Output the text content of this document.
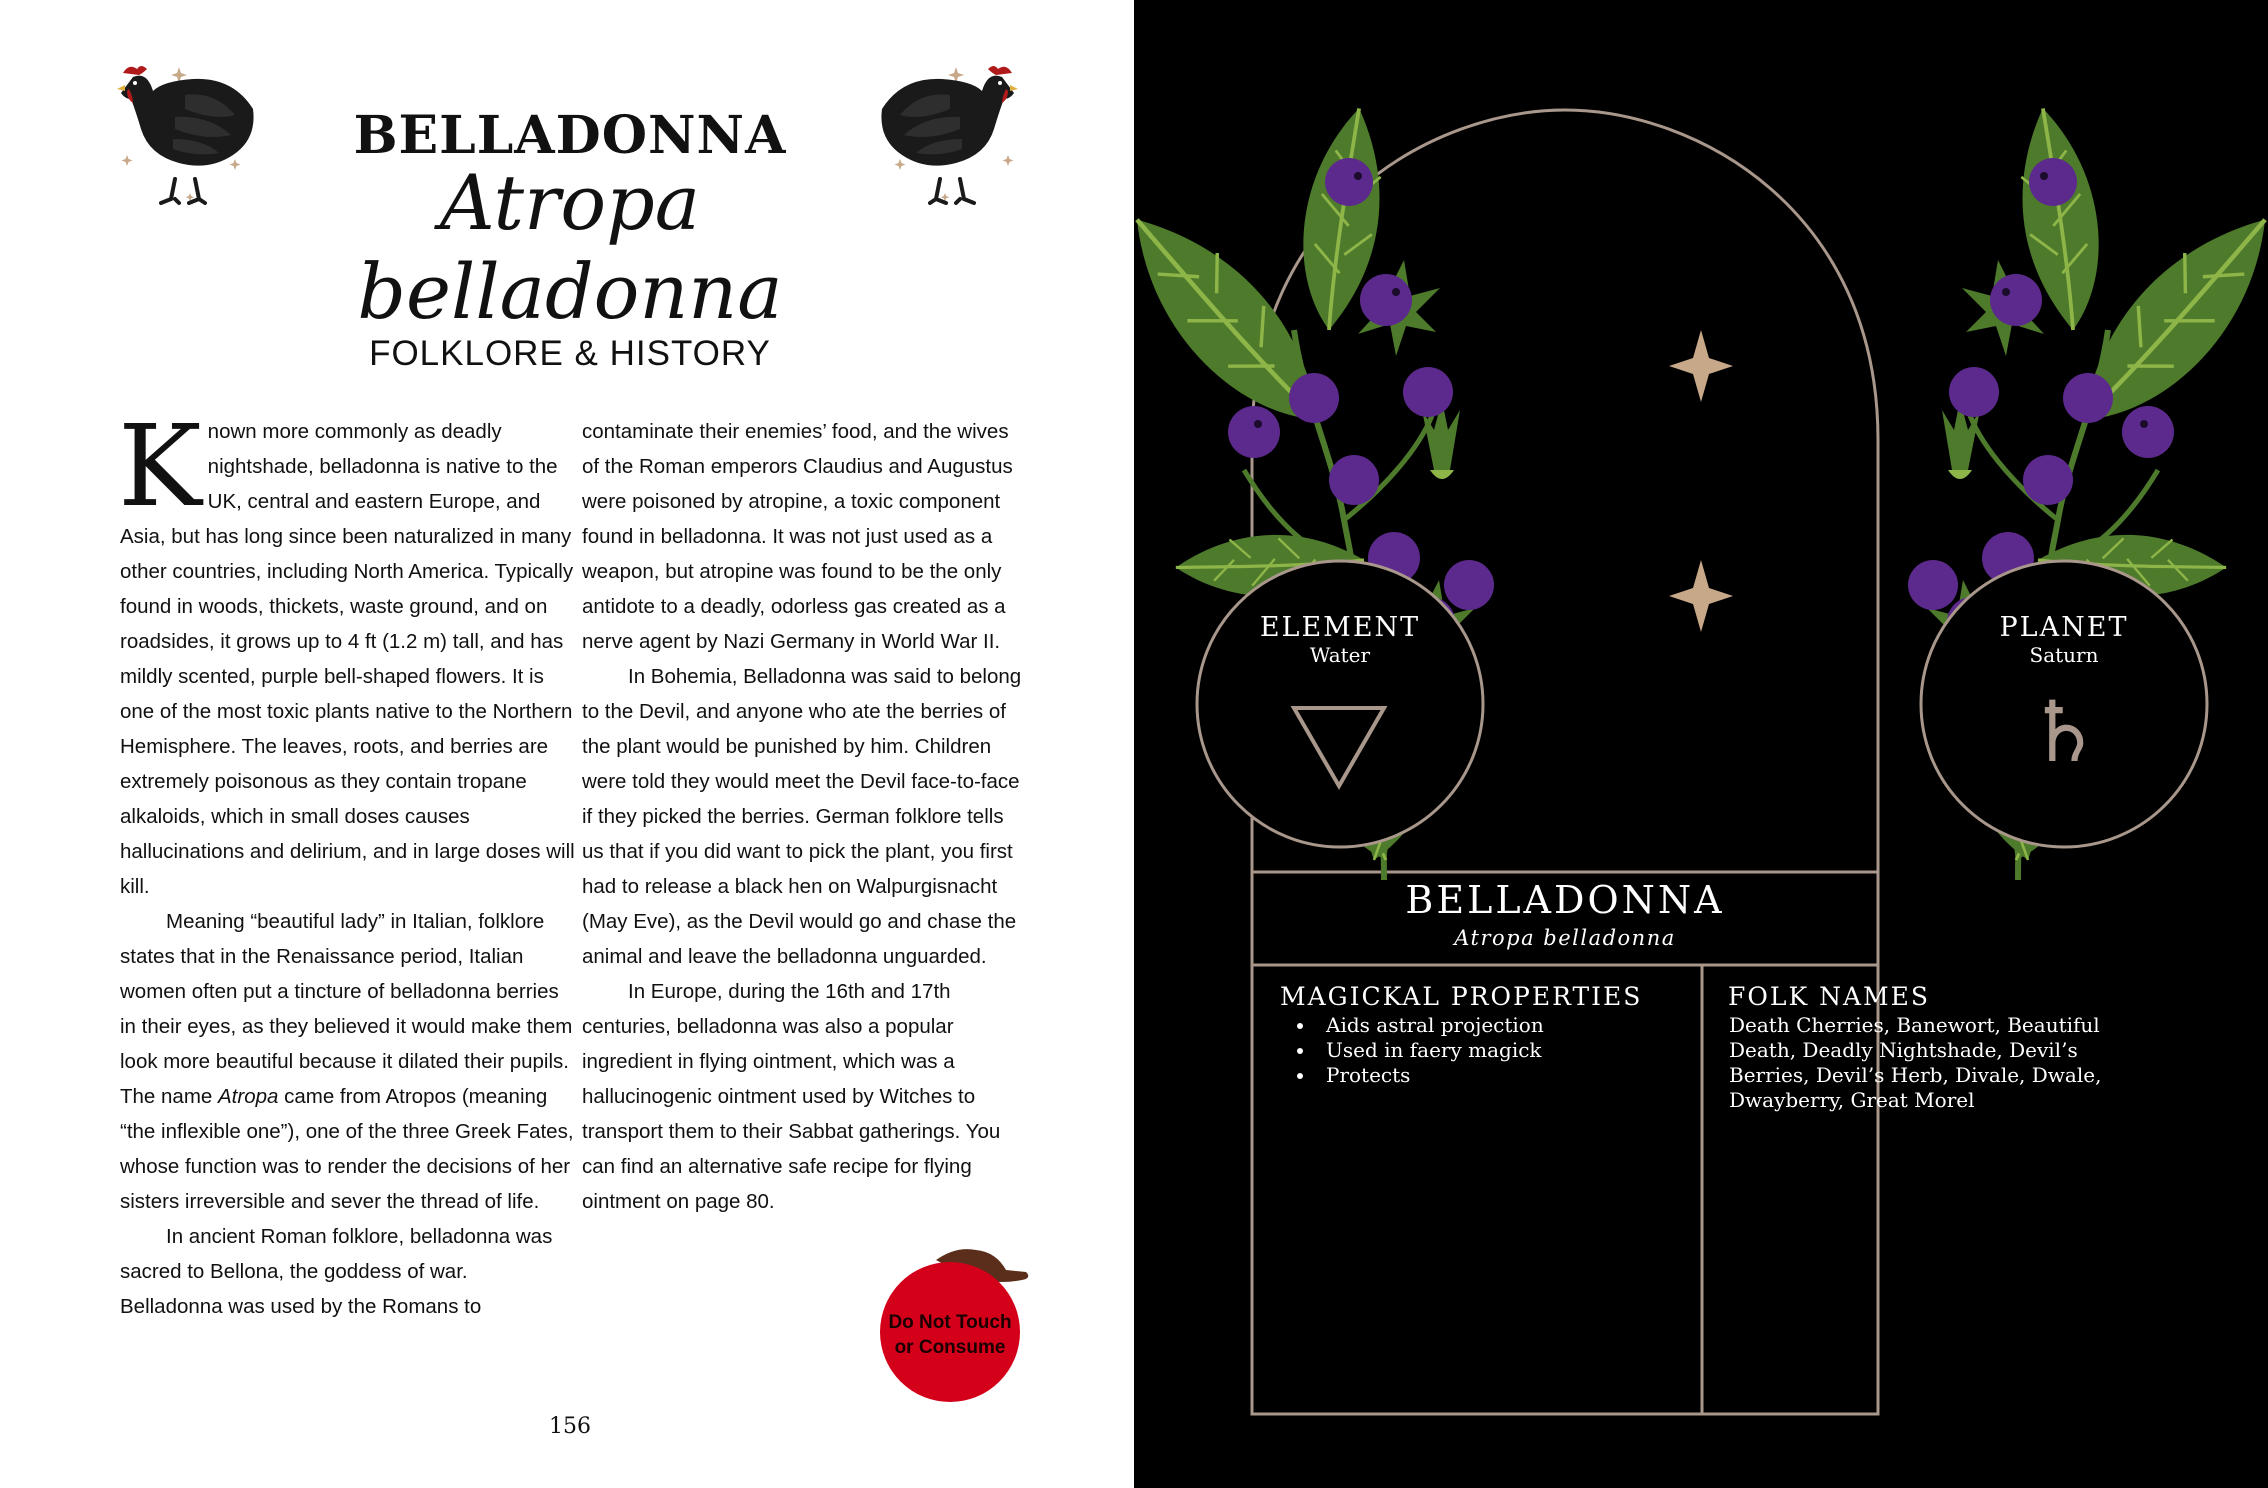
BELLADONNA
Atropa belladonna
FOLKLORE & HISTORY

Known more commonly as deadly nightshade, belladonna is native to the UK, central and eastern Europe, and Asia, but has long since been naturalized in many other countries, including North America. Typically found in woods, thickets, waste ground, and on roadsides, it grows up to 4 ft (1.2 m) tall, and has mildly scented, purple bell-shaped flowers. It is one of the most toxic plants native to the Northern Hemisphere. The leaves, roots, and berries are extremely poisonous as they contain tropane alkaloids, which in small doses causes hallucinations and delirium, and in large doses will kill.

Meaning “beautiful lady” in Italian, folklore states that in the Renaissance period, Italian women often put a tincture of belladonna berries in their eyes, as they believed it would make them look more beautiful because it dilated their pupils. The name Atropa came from Atropos (meaning “the inflexible one”), one of the three Greek Fates, whose function was to render the decisions of her sisters irreversible and sever the thread of life.

In ancient Roman folklore, belladonna was sacred to Bellona, the goddess of war. Belladonna was used by the Romans to

contaminate their enemies’ food, and the wives of the Roman emperors Claudius and Augustus were poisoned by atropine, a toxic component found in belladonna. It was not just used as a weapon, but atropine was found to be the only antidote to a deadly, odorless gas created as a nerve agent by Nazi Germany in World War II.

In Bohemia, Belladonna was said to belong to the Devil, and anyone who ate the berries of the plant would be punished by him. Children were told they would meet the Devil face-to-face if they picked the berries. German folklore tells us that if you did want to pick the plant, you first had to release a black hen on Walpurgisnacht (May Eve), as the Devil would go and chase the animal and leave the belladonna unguarded.

In Europe, during the 16th and 17th centuries, belladonna was also a popular ingredient in flying ointment, which was a hallucinogenic ointment used by Witches to transport them to their Sabbat gatherings. You can find an alternative safe recipe for flying ointment on page 80.

Do Not Touch
or Consume
156
ELEMENT
Water
PLANET
Saturn
♄
BELLADONNA
Atropa belladonna
MAGICKAL PROPERTIES
• Aids astral projection
• Used in faery magick
• Protects
FOLK NAMES
Death Cherries, Banewort, Beautiful Death, Deadly Nightshade, Devil’s Berries, Devil’s Herb, Divale, Dwale, Dwayberry, Great Morel
